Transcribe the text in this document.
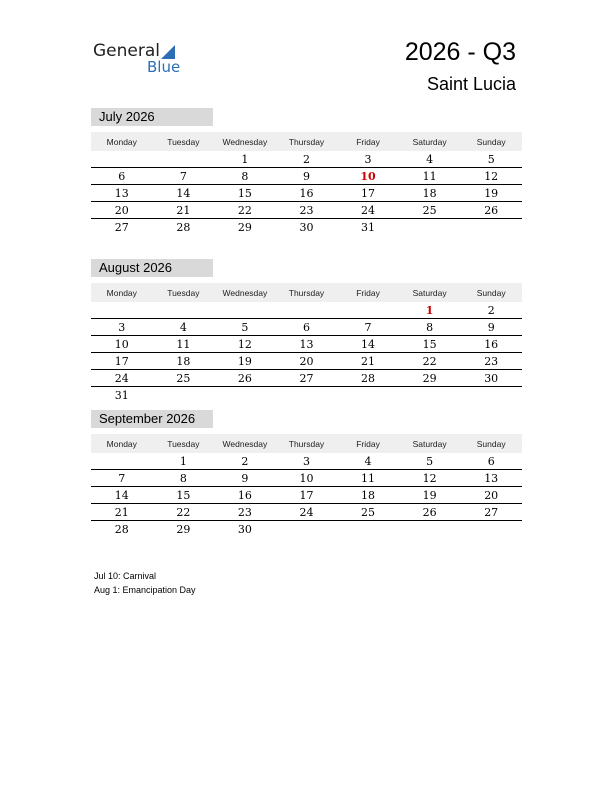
General
Blue
2026 - Q3
Saint Lucia
July 2026
Monday	Tuesday	Wednesday	Thursday	Friday	Saturday	Sunday
		1	2	3	4	5
6	7	8	9	10	11	12
13	14	15	16	17	18	19
20	21	22	23	24	25	26
27	28	29	30	31		
August 2026
Monday	Tuesday	Wednesday	Thursday	Friday	Saturday	Sunday
					1	2
3	4	5	6	7	8	9
10	11	12	13	14	15	16
17	18	19	20	21	22	23
24	25	26	27	28	29	30
31						
September 2026
Monday	Tuesday	Wednesday	Thursday	Friday	Saturday	Sunday
	1	2	3	4	5	6
7	8	9	10	11	12	13
14	15	16	17	18	19	20
21	22	23	24	25	26	27
28	29	30				
Jul 10: Carnival
Aug 1: Emancipation Day
